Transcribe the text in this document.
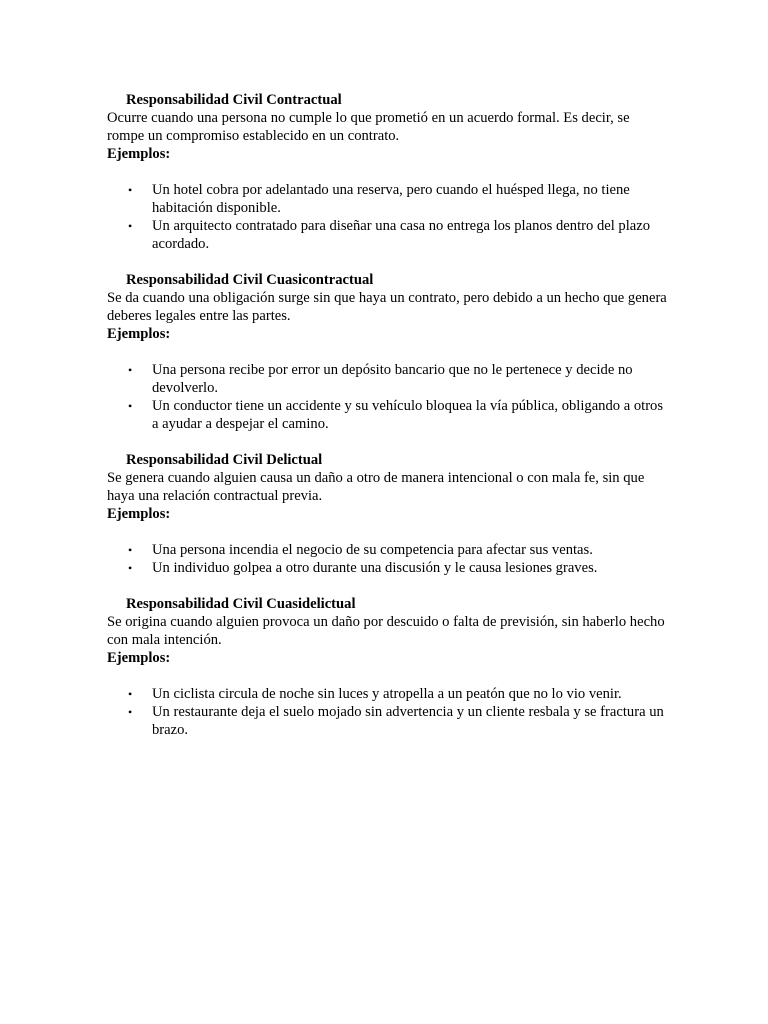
Responsabilidad Civil Contractual

Ocurre cuando una persona no cumple lo que prometió en un acuerdo formal. Es decir, se rompe un compromiso establecido en un contrato.

Ejemplos:

• Un hotel cobra por adelantado una reserva, pero cuando el huésped llega, no tiene habitación disponible.
• Un arquitecto contratado para diseñar una casa no entrega los planos dentro del plazo acordado.

Responsabilidad Civil Cuasicontractual

Se da cuando una obligación surge sin que haya un contrato, pero debido a un hecho que genera deberes legales entre las partes.

Ejemplos:

• Una persona recibe por error un depósito bancario que no le pertenece y decide no devolverlo.
• Un conductor tiene un accidente y su vehículo bloquea la vía pública, obligando a otros a ayudar a despejar el camino.

Responsabilidad Civil Delictual

Se genera cuando alguien causa un daño a otro de manera intencional o con mala fe, sin que haya una relación contractual previa.

Ejemplos:

• Una persona incendia el negocio de su competencia para afectar sus ventas.
• Un individuo golpea a otro durante una discusión y le causa lesiones graves.

Responsabilidad Civil Cuasidelictual

Se origina cuando alguien provoca un daño por descuido o falta de previsión, sin haberlo hecho con mala intención.

Ejemplos:

• Un ciclista circula de noche sin luces y atropella a un peatón que no lo vio venir.
• Un restaurante deja el suelo mojado sin advertencia y un cliente resbala y se fractura un brazo.
